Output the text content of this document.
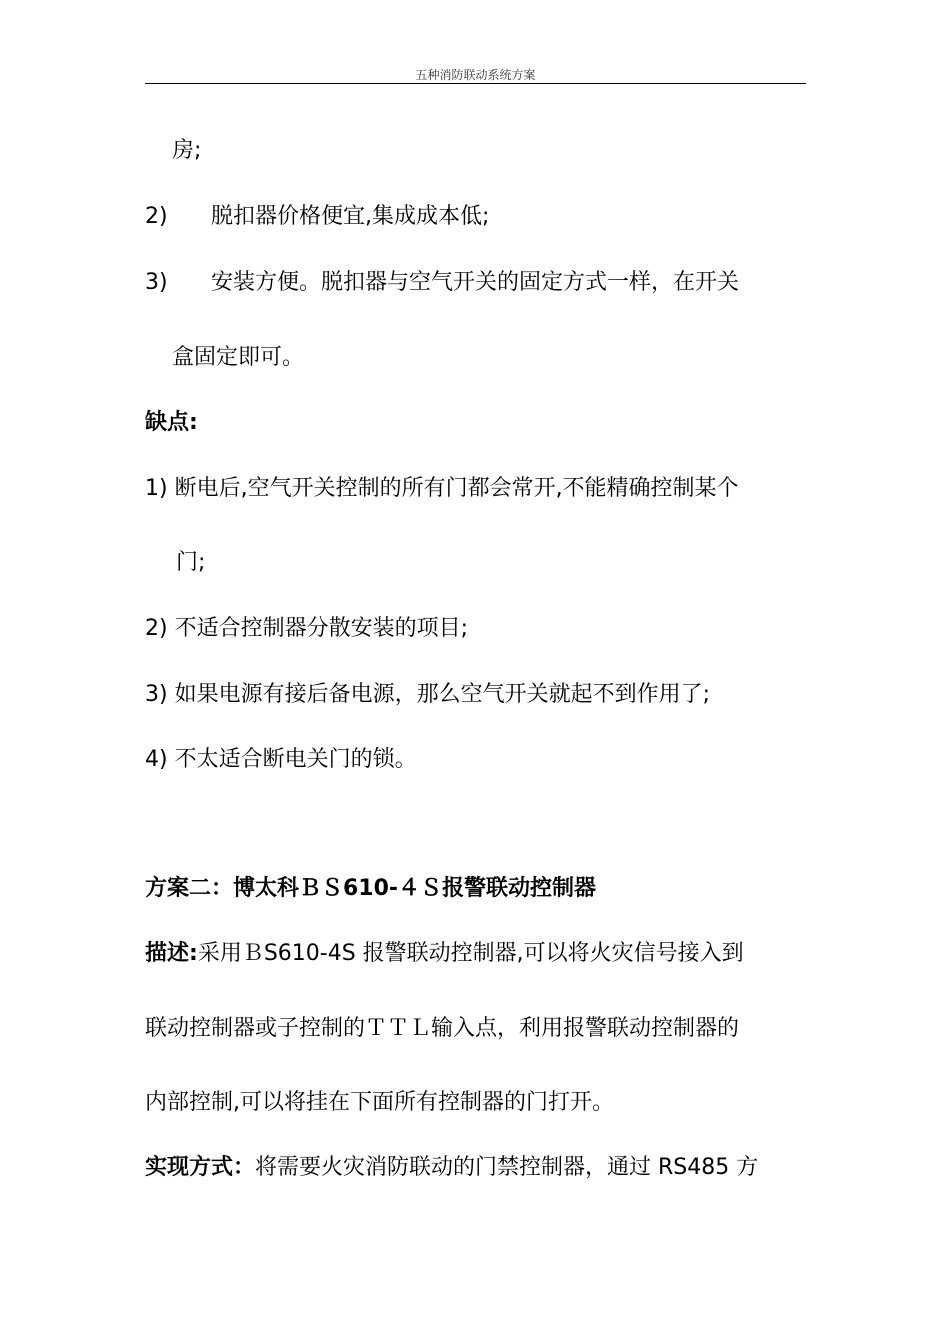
五种消防联动系统方案
房;
2) 脱扣器价格便宜,集成成本低;
3) 安装方便。脱扣器与空气开关的固定方式一样，在开关
盒固定即可。
缺点:
1) 断电后,空气开关控制的所有门都会常开,不能精确控制某个
门;
2) 不适合控制器分散安装的项目;
3) 如果电源有接后备电源，那么空气开关就起不到作用了;
4) 不太适合断电关门的锁。
方案二：博太科ＢＳ610-４Ｓ报警联动控制器
描述:采用ＢS610-4S 报警联动控制器,可以将火灾信号接入到
联动控制器或子控制的ＴＴＬ输入点，利用报警联动控制器的
内部控制,可以将挂在下面所有控制器的门打开。
实现方式：将需要火灾消防联动的门禁控制器，通过 RS485 方
